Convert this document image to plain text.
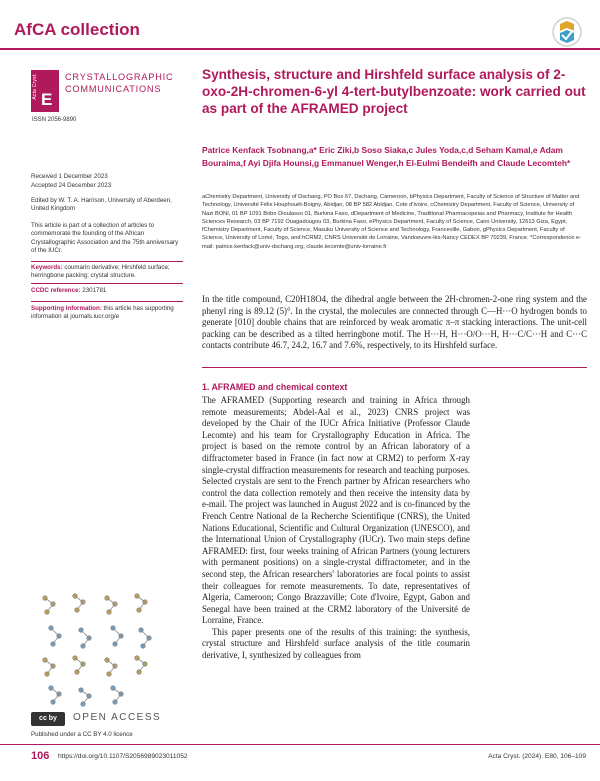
AfCA collection
Acta Cryst. E
CRYSTALLOGRAPHIC
COMMUNICATIONS
ISSN 2056-9890
Received 1 December 2023
Accepted 24 December 2023
Edited by W. T. A. Harrison, University of Aberdeen, United Kingdom
This article is part of a collection of articles to commemorate the founding of the African Crystallographic Association and the 75th anniversary of the IUCr.
Keywords: coumarin derivative; Hirshfeld surface; herringbone packing; crystal structure.
CCDC reference: 2301781
Supporting information: this article has supporting information at journals.iucr.org/e
cc by	OPEN ACCESS
Published under a CC BY 4.0 licence
Synthesis, structure and Hirshfeld surface analysis of 2-oxo-2H-chromen-6-yl 4-tert-butylbenzoate: work carried out as part of the AFRAMED project
Patrice Kenfack Tsobnang,a* Eric Ziki,b Soso Siaka,c Jules Yoda,c,d Seham Kamal,e Adam Bouraima,f Ayi Djifa Hounsi,g Emmanuel Wenger,h El-Eulmi Bendeifh and Claude Lecomteh*
aChemistry Department, University of Dschang, PO Box 67, Dschang, Cameroon, bPhysics Department, Faculty of Science of Structure of Matter and Technology, Université Félix Houphouët-Boigny, Abidjan, 08 BP 582 Abidjan, Cote d'Ivoire, cChemistry Department, Faculty of Science, University of Nazi BONI, 01 BP 1091 Bobo Dioulasso 01, Burkina Faso, dDepartment of Medicine, Traditional Pharmacopeias and Pharmacy, Institute for Health Sciences Research, 03 BP 7192 Ouagadougou 03, Burkina Faso, ePhysics Department, Faculty of Science, Cairo University, 12613 Giza, Egypt, fChemistry Department, Faculty of Science, Masuku University of Science and Technology, Franceville, Gabon, gPhysics Department, Faculty of Science, University of Lomé, Togo, and hCRM2, CNRS Université de Lorraine, Vandoeuvre-lès-Nancy CEDEX BP 70239, France. *Correspondence e-mail: patrice.kenfack@univ-dschang.org, claude.lecomte@univ-lorraine.fr
In the title compound, C20H18O4, the dihedral angle between the 2H-chromen-2-one ring system and the phenyl ring is 89.12 (5)°. In the crystal, the molecules are connected through C—H···O hydrogen bonds to generate [010] double chains that are reinforced by weak aromatic π–π stacking interactions. The unit-cell packing can be described as a tilted herringbone motif. The H···H, H···O/O···H, H···C/C···H and C···C contacts contribute 46.7, 24.2, 16.7 and 7.6%, respectively, to its Hirshfeld surface.
1. AFRAMED and chemical context

The AFRAMED (Supporting research and training in Africa through remote measurements; Abdel-Aal et al., 2023) CNRS project was developed by the Chair of the IUCr Africa Initiative (Professor Claude Lecomte) and his team for Crystallography Education in Africa. The project is based on the remote control by an African laboratory of a diffractometer based in France (in fact now at CRM2) to perform X-ray single-crystal diffraction measurements for research and teaching purposes. Selected crystals are sent to the French partner by African researchers who control the data collection remotely and then receive the intensity data by e-mail. The project was launched in August 2022 and is co-financed by the French Centre National de la Recherche Scientifique (CNRS), the United Nations Educational, Scientific and Cultural Organization (UNESCO), and the International Union of Crystallography (IUCr). Two main steps define AFRAMED: first, four weeks training of African Partners (young lecturers with permanent positions) on a single-crystal diffractometer, and in the second step, the African researchers' laboratories are focal points to assist their colleagues for remote measurements. To date, representatives of Algeria, Cameroon; Congo Brazzaville; Cote d'Ivoire, Egypt, Gabon and Senegal have been trained at the CRM2 laboratory of the Université de Lorraine, France.

This paper presents one of the results of this training: the synthesis, crystal structure and Hirshfeld surface analysis of the title coumarin derivative, I, synthesized by colleagues from

106 https://doi.org/10.1107/S2056989023011052	Acta Cryst. (2024). E80, 106–109
